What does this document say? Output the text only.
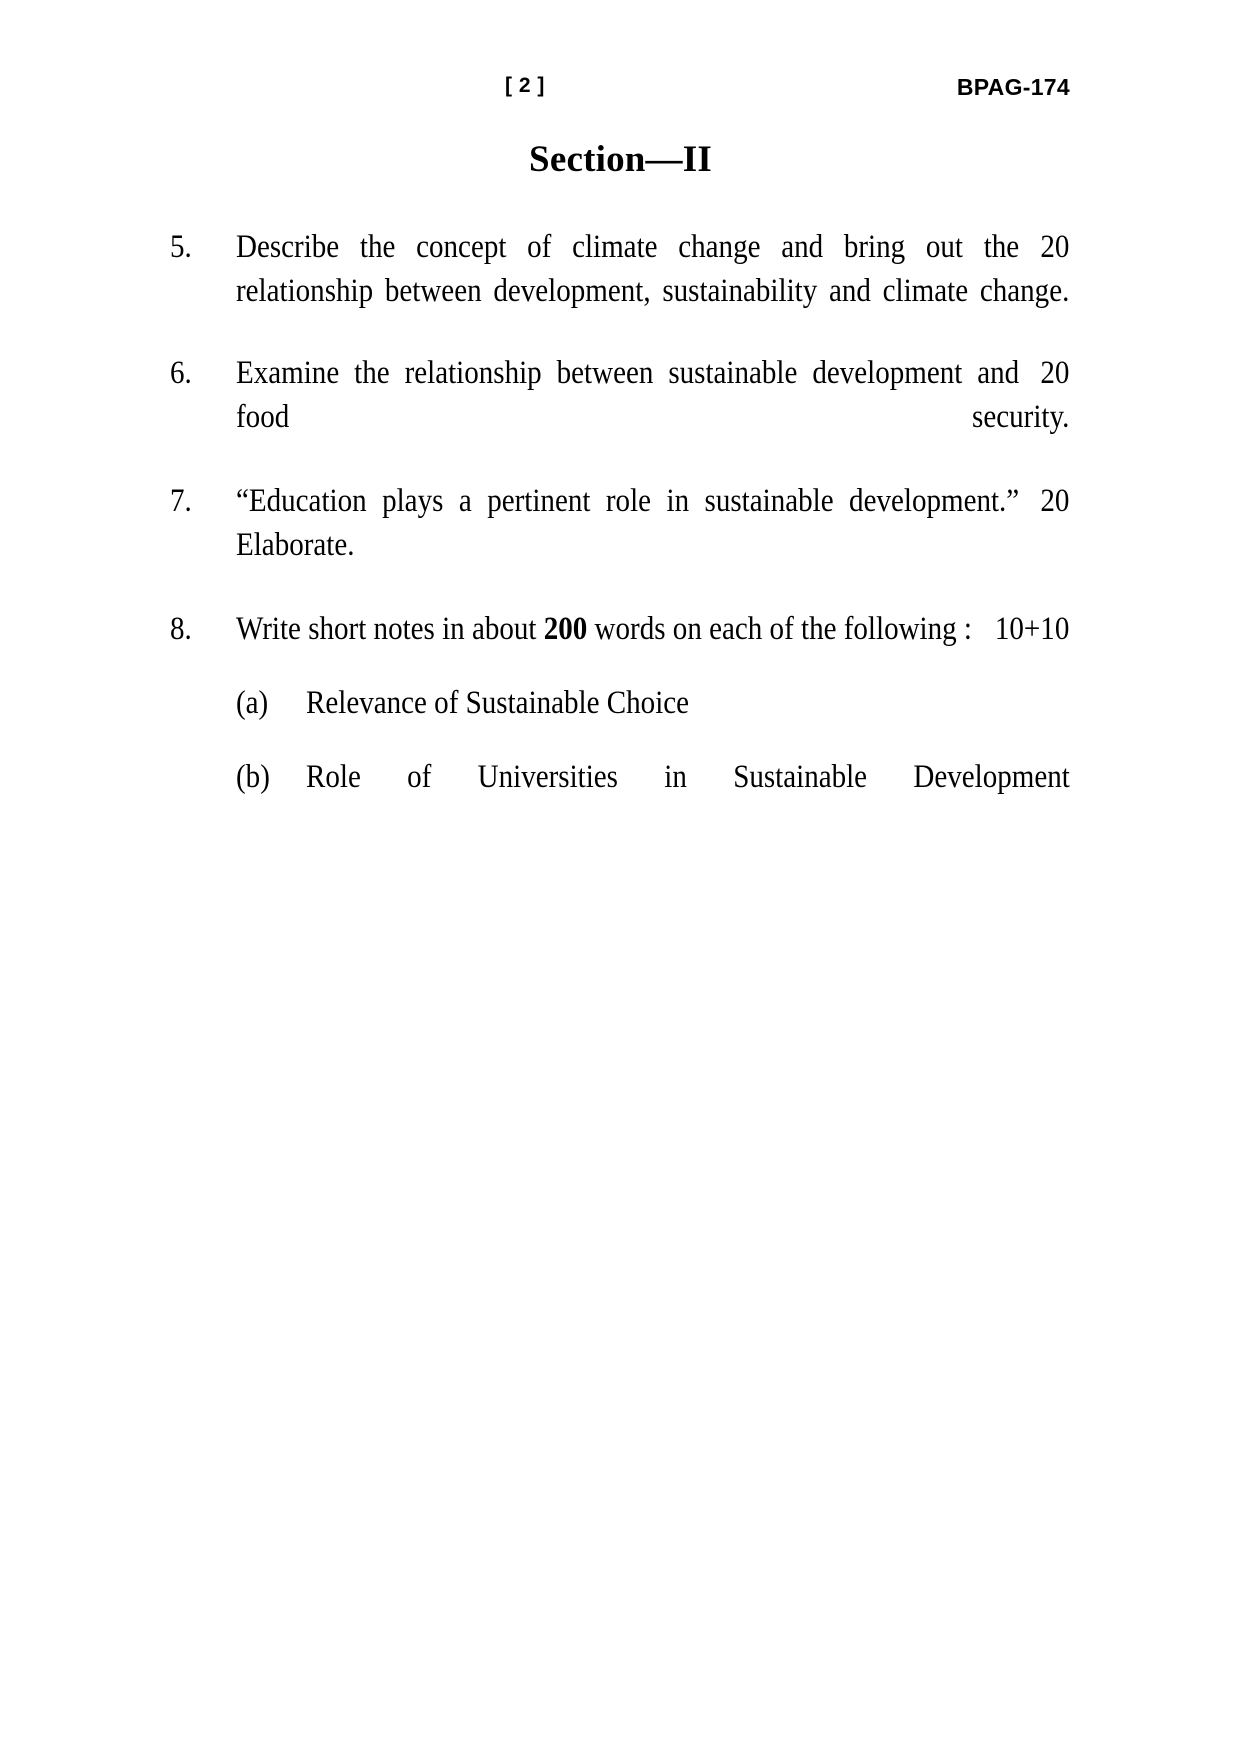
[ 2 ]	BPAG-174
Section—II
5.	20
Describe the concept of climate change and bring out the relationship between development, sustainability and climate change.
6.	20
Examine the relationship between sustainable development and food security.
7.	20
“Education plays a pertinent role in sustainable development.” Elaborate.
8.	10+10
Write short notes in about 200 words on each of the following :
(a)	Relevance of Sustainable Choice
(b)	Role of Universities in Sustainable Development
